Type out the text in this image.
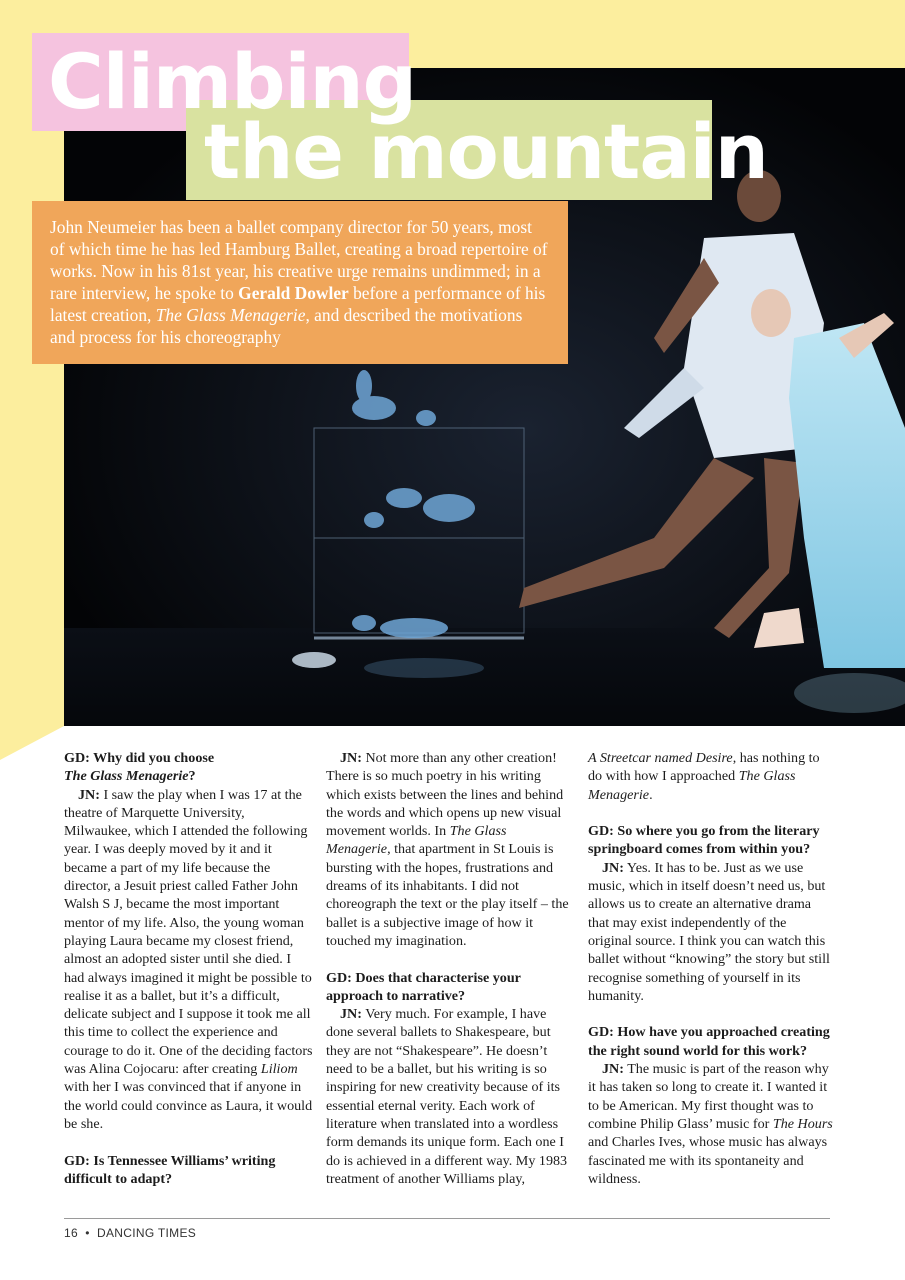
Climbing
the mountain
John Neumeier has been a ballet company director for 50 years, most of which time he has led Hamburg Ballet, creating a broad repertoire of works. Now in his 81st year, his creative urge remains undimmed; in a rare interview, he spoke to Gerald Dowler before a performance of his latest creation, The Glass Menagerie, and described the motivations and process for his choreography

GD: Why did you choose
The Glass Menagerie?

JN: I saw the play when I was 17 at the theatre of Marquette University, Milwaukee, which I attended the following year. I was deeply moved by it and it became a part of my life because the director, a Jesuit priest called Father John Walsh S J, became the most important mentor of my life. Also, the young woman playing Laura became my closest friend, almost an adopted sister until she died. I had always imagined it might be possible to realise it as a ballet, but it’s a difficult, delicate subject and I suppose it took me all this time to collect the experience and courage to do it. One of the deciding factors was Alina Cojocaru: after creating Liliom with her I was convinced that if anyone in the world could convince as Laura, it would be she.

GD: Is Tennessee Williams’ writing difficult to adapt?

JN: Not more than any other creation! There is so much poetry in his writing which exists between the lines and behind the words and which opens up new visual movement worlds. In The Glass Menagerie, that apartment in St Louis is bursting with the hopes, frustrations and dreams of its inhabitants. I did not choreograph the text or the play itself – the ballet is a subjective image of how it touched my imagination.

GD: Does that characterise your approach to narrative?

JN: Very much. For example, I have done several ballets to Shakespeare, but they are not “Shakespeare”. He doesn’t need to be a ballet, but his writing is so inspiring for new creativity because of its essential eternal verity. Each work of literature when translated into a wordless form demands its unique form. Each one I do is achieved in a different way. My 1983 treatment of another Williams play,

A Streetcar named Desire, has nothing to do with how I approached The Glass Menagerie.

GD: So where you go from the literary springboard comes from within you?

JN: Yes. It has to be. Just as we use music, which in itself doesn’t need us, but allows us to create an alternative drama that may exist independently of the original source. I think you can watch this ballet without “knowing” the story but still recognise something of yourself in its humanity.

GD: How have you approached creating the right sound world for this work?

JN: The music is part of the reason why it has taken so long to create it. I wanted it to be American. My first thought was to combine Philip Glass’ music for The Hours and Charles Ives, whose music has always fascinated me with its spontaneity and wildness.

16 • DANCING TIMES
